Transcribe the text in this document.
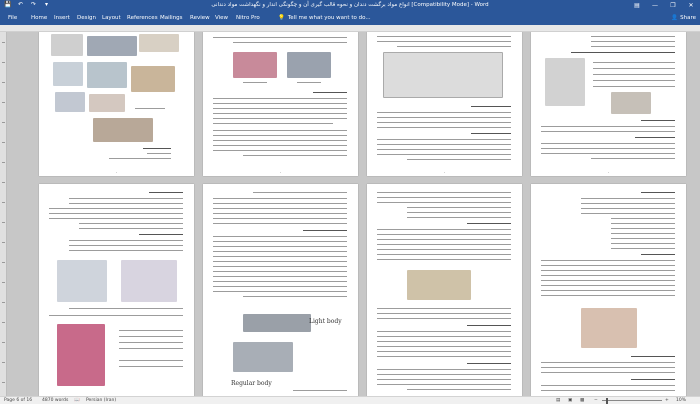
💾 ↶ ↷	▾	انواع مواد برگشت دندان و نحوه قالب گیری آن و چگونگی اندار و نگهداشت مواد دندانی [Compatibility Mode] - Word	▤	—	❐	✕
File	Home	Insert	Design	Layout	References Mailings	Review View	Nitro Pro	💡 Tell me what you want to do...	👤 Share
·	·	·	·
Light body
Regular body
Page 6 of 16 4870 words 📖 Persian (Iran)	▤ ▣ ▩ −	+ 10%
